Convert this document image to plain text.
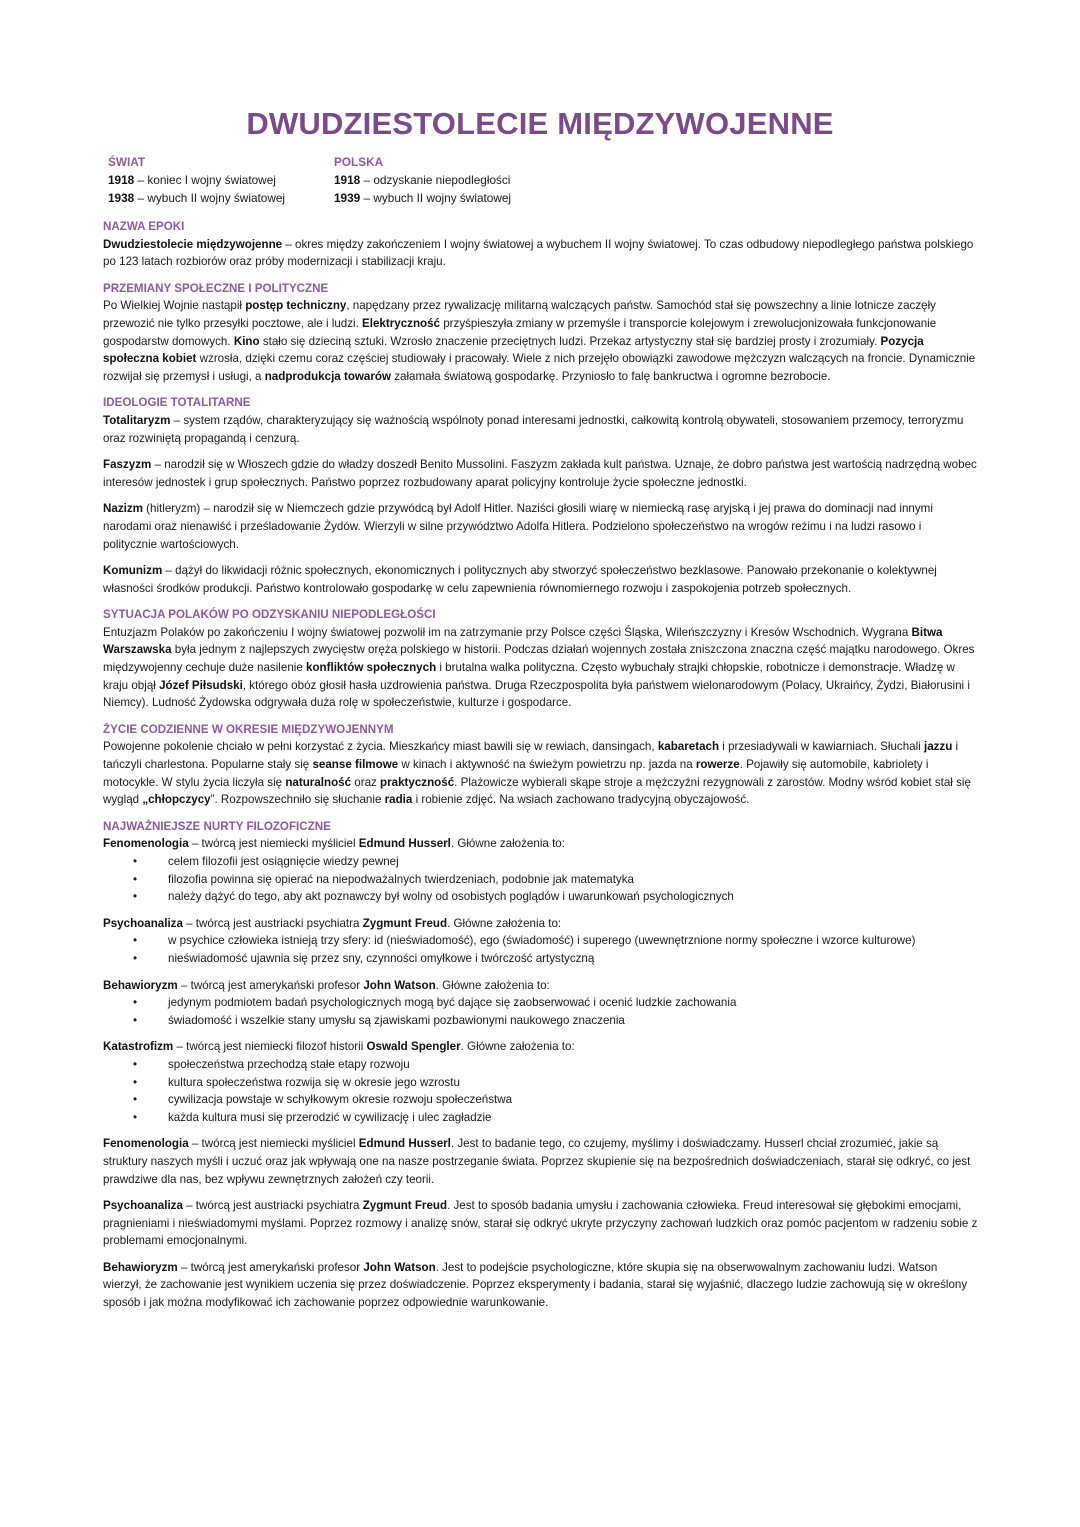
DWUDZIESTOLECIE MIĘDZYWOJENNE
ŚWIAT
1918 – koniec I wojny światowej
1938 – wybuch II wojny światowej
POLSKA
1918 – odzyskanie niepodległości
1939 – wybuch II wojny światowej
NAZWA EPOKI

Dwudziestolecie międzywojenne – okres między zakończeniem I wojny światowej a wybuchem II wojny światowej. To czas odbudowy niepodległego państwa polskiego po 123 latach rozbiorów oraz próby modernizacji i stabilizacji kraju.

PRZEMIANY SPOŁECZNE I POLITYCZNE

Po Wielkiej Wojnie nastąpił postęp techniczny, napędzany przez rywalizację militarną walczących państw. Samochód stał się powszechny a linie lotnicze zaczęły przewozić nie tylko przesyłki pocztowe, ale i ludzi. Elektryczność przyśpieszyła zmiany w przemyśle i transporcie kolejowym i zrewolucjonizowała funkcjonowanie gospodarstw domowych. Kino stało się dzieciną sztuki. Wzrosło znaczenie przeciętnych ludzi. Przekaz artystyczny stał się bardziej prosty i zrozumiały. Pozycja społeczna kobiet wzrosła, dzięki czemu coraz częściej studiowały i pracowały. Wiele z nich przejęło obowiązki zawodowe mężczyzn walczących na froncie. Dynamicznie rozwijał się przemysł i usługi, a nadprodukcja towarów załamała światową gospodarkę. Przyniosło to falę bankructwa i ogromne bezrobocie.

IDEOLOGIE TOTALITARNE

Totalitaryzm – system rządów, charakteryzujący się ważnością wspólnoty ponad interesami jednostki, całkowitą kontrolą obywateli, stosowaniem przemocy, terroryzmu oraz rozwiniętą propagandą i cenzurą.

Faszyzm – narodził się w Włoszech gdzie do władzy doszedł Benito Mussolini. Faszyzm zakłada kult państwa. Uznaje, że dobro państwa jest wartością nadrzędną wobec interesów jednostek i grup społecznych. Państwo poprzez rozbudowany aparat policyjny kontroluje życie społeczne jednostki.

Nazizm (hitleryzm) – narodził się w Niemczech gdzie przywódcą był Adolf Hitler. Naziści głosili wiarę w niemiecką rasę aryjską i jej prawa do dominacji nad innymi narodami oraz nienawiść i prześladowanie Żydów. Wierzyli w silne przywództwo Adolfa Hitlera. Podzielono społeczeństwo na wrogów reżimu i na ludzi rasowo i politycznie wartościowych.

Komunizm – dążył do likwidacji różnic społecznych, ekonomicznych i politycznych aby stworzyć społeczeństwo bezklasowe. Panowało przekonanie o kolektywnej własności środków produkcji. Państwo kontrolowało gospodarkę w celu zapewnienia równomiernego rozwoju i zaspokojenia potrzeb społecznych.

SYTUACJA POLAKÓW PO ODZYSKANIU NIEPODLEGŁOŚCI

Entuzjazm Polaków po zakończeniu I wojny światowej pozwolił im na zatrzymanie przy Polsce części Śląska, Wileńszczyzny i Kresów Wschodnich. Wygrana Bitwa Warszawska była jednym z najlepszych zwycięstw oręża polskiego w historii. Podczas działań wojennych została zniszczona znaczna część majątku narodowego. Okres międzywojenny cechuje duże nasilenie konfliktów społecznych i brutalna walka polityczna. Często wybuchały strajki chłopskie, robotnicze i demonstracje. Władzę w kraju objął Józef Piłsudski, którego obóz głosił hasła uzdrowienia państwa. Druga Rzeczpospolita była państwem wielonarodowym (Polacy, Ukraińcy, Żydzi, Białorusini i Niemcy). Ludność Żydowska odgrywała duża rolę w społeczeństwie, kulturze i gospodarce.

ŻYCIE CODZIENNE W OKRESIE MIĘDZYWOJENNYM

Powojenne pokolenie chciało w pełni korzystać z życia. Mieszkańcy miast bawili się w rewiach, dansingach, kabaretach i przesiadywali w kawiarniach. Słuchali jazzu i tańczyli charlestona. Popularne stały się seanse filmowe w kinach i aktywność na świeżym powietrzu np. jazda na rowerze. Pojawiły się automobile, kabriolety i motocykle. W stylu życia liczyła się naturalność oraz praktyczność. Plażowicze wybierali skąpe stroje a mężczyźni rezygnowali z zarostów. Modny wśród kobiet stał się wygląd „chłopczycy”. Rozpowszechniło się słuchanie radia i robienie zdjęć. Na wsiach zachowano tradycyjną obyczajowość.

NAJWAŻNIEJSZE NURTY FILOZOFICZNE

Fenomenologia – twórcą jest niemiecki myśliciel Edmund Husserl. Główne założenia to:

•	celem filozofii jest osiągnięcie wiedzy pewnej
•	filozofia powinna się opierać na niepodważalnych twierdzeniach, podobnie jak matematyka
•	należy dążyć do tego, aby akt poznawczy był wolny od osobistych poglądów i uwarunkowań psychologicznych

Psychoanaliza – twórcą jest austriacki psychiatra Zygmunt Freud. Główne założenia to:

•	w psychice człowieka istnieją trzy sfery: id (nieświadomość), ego (świadomość) i superego (uwewnętrznione normy społeczne i wzorce kulturowe)
•	nieświadomość ujawnia się przez sny, czynności omyłkowe i twórczość artystyczną

Behawioryzm – twórcą jest amerykański profesor John Watson. Główne założenia to:

•	jedynym podmiotem badań psychologicznych mogą być dające się zaobserwować i ocenić ludzkie zachowania
•	świadomość i wszelkie stany umysłu są zjawiskami pozbawionymi naukowego znaczenia

Katastrofizm – twórcą jest niemiecki filozof historii Oswald Spengler. Główne założenia to:

•	społeczeństwa przechodzą stałe etapy rozwoju
•	kultura społeczeństwa rozwija się w okresie jego wzrostu
•	cywilizacja powstaje w schyłkowym okresie rozwoju społeczeństwa
•	każda kultura musi się przerodzić w cywilizację i ulec zagładzie

Fenomenologia – twórcą jest niemiecki myśliciel Edmund Husserl. Jest to badanie tego, co czujemy, myślimy i doświadczamy. Husserl chciał zrozumieć, jakie są struktury naszych myśli i uczuć oraz jak wpływają one na nasze postrzeganie świata. Poprzez skupienie się na bezpośrednich doświadczeniach, starał się odkryć, co jest prawdziwe dla nas, bez wpływu zewnętrznych założeń czy teorii.

Psychoanaliza – twórcą jest austriacki psychiatra Zygmunt Freud. Jest to sposób badania umysłu i zachowania człowieka. Freud interesował się głębokimi emocjami, pragnieniami i nieświadomymi myślami. Poprzez rozmowy i analizę snów, starał się odkryć ukryte przyczyny zachowań ludzkich oraz pomóc pacjentom w radzeniu sobie z problemami emocjonalnymi.

Behawioryzm – twórcą jest amerykański profesor John Watson. Jest to podejście psychologiczne, które skupia się na obserwowalnym zachowaniu ludzi. Watson wierzył, że zachowanie jest wynikiem uczenia się przez doświadczenie. Poprzez eksperymenty i badania, starał się wyjaśnić, dlaczego ludzie zachowują się w określony sposób i jak można modyfikować ich zachowanie poprzez odpowiednie warunkowanie.
